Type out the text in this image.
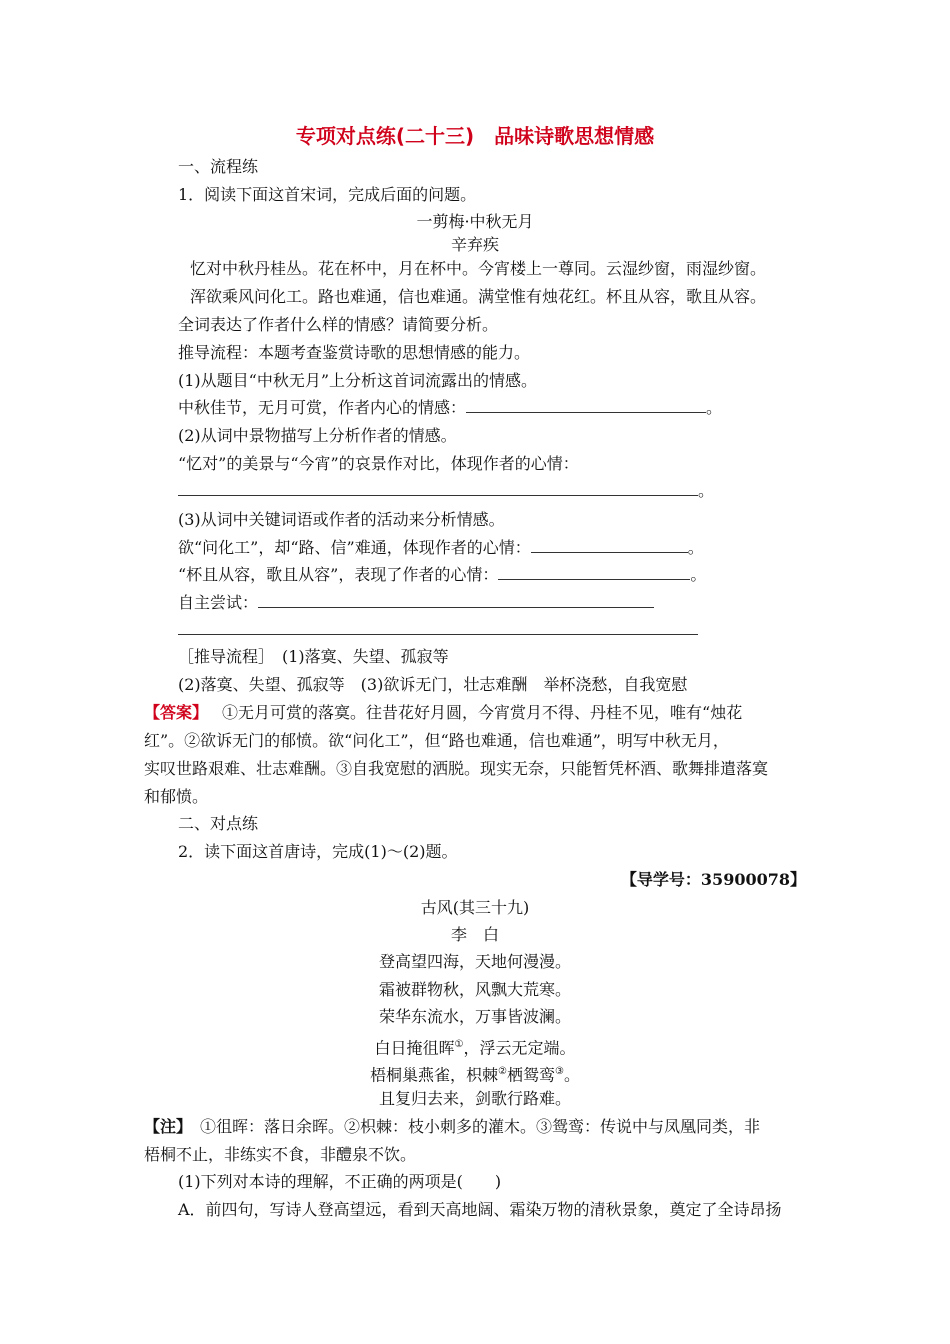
专项对点练(二十三)　品味诗歌思想情感
一、流程练
1．阅读下面这首宋词，完成后面的问题。
一剪梅·中秋无月
辛弃疾
忆对中秋丹桂丛。花在杯中，月在杯中。今宵楼上一尊同。云湿纱窗，雨湿纱窗。
浑欲乘风问化工。路也难通，信也难通。满堂惟有烛花红。杯且从容，歌且从容。
全词表达了作者什么样的情感？请简要分析。
推导流程：本题考查鉴赏诗歌的思想情感的能力。
(1)从题目“中秋无月”上分析这首词流露出的情感。
中秋佳节，无月可赏，作者内心的情感：	。
(2)从词中景物描写上分析作者的情感。
“忆对”的美景与“今宵”的哀景作对比，体现作者的心情：
。
(3)从词中关键词语或作者的活动来分析情感。
欲“问化工”，却“路、信”难通，体现作者的心情：	。
“杯且从容，歌且从容”，表现了作者的心情：	。
自主尝试：
［推导流程］　(1)落寞、失望、孤寂等
(2)落寞、失望、孤寂等　(3)欲诉无门，壮志难酬　举杯浇愁，自我宽慰
【答案】 ①无月可赏的落寞。往昔花好月圆，今宵赏月不得、丹桂不见，唯有“烛花
红”。②欲诉无门的郁愤。欲“问化工”，但“路也难通，信也难通”，明写中秋无月，
实叹世路艰难、壮志难酬。③自我宽慰的洒脱。现实无奈，只能暂凭杯酒、歌舞排遣落寞
和郁愤。
二、对点练
2．读下面这首唐诗，完成(1)～(2)题。
【导学号：35900078】
古风(其三十九)
李　白
登高望四海，天地何漫漫。
霜被群物秋，风飘大荒寒。
荣华东流水，万事皆波澜。
白日掩徂晖①，浮云无定端。
梧桐巢燕雀，枳棘②栖鸳鸾③。
且复归去来，剑歌行路难。
【注】　①徂晖：落日余晖。②枳棘：枝小刺多的灌木。③鸳鸾：传说中与凤凰同类，非
梧桐不止，非练实不食，非醴泉不饮。
(1)下列对本诗的理解，不正确的两项是(　　)
A．前四句，写诗人登高望远，看到天高地阔、霜染万物的清秋景象，奠定了全诗昂扬
